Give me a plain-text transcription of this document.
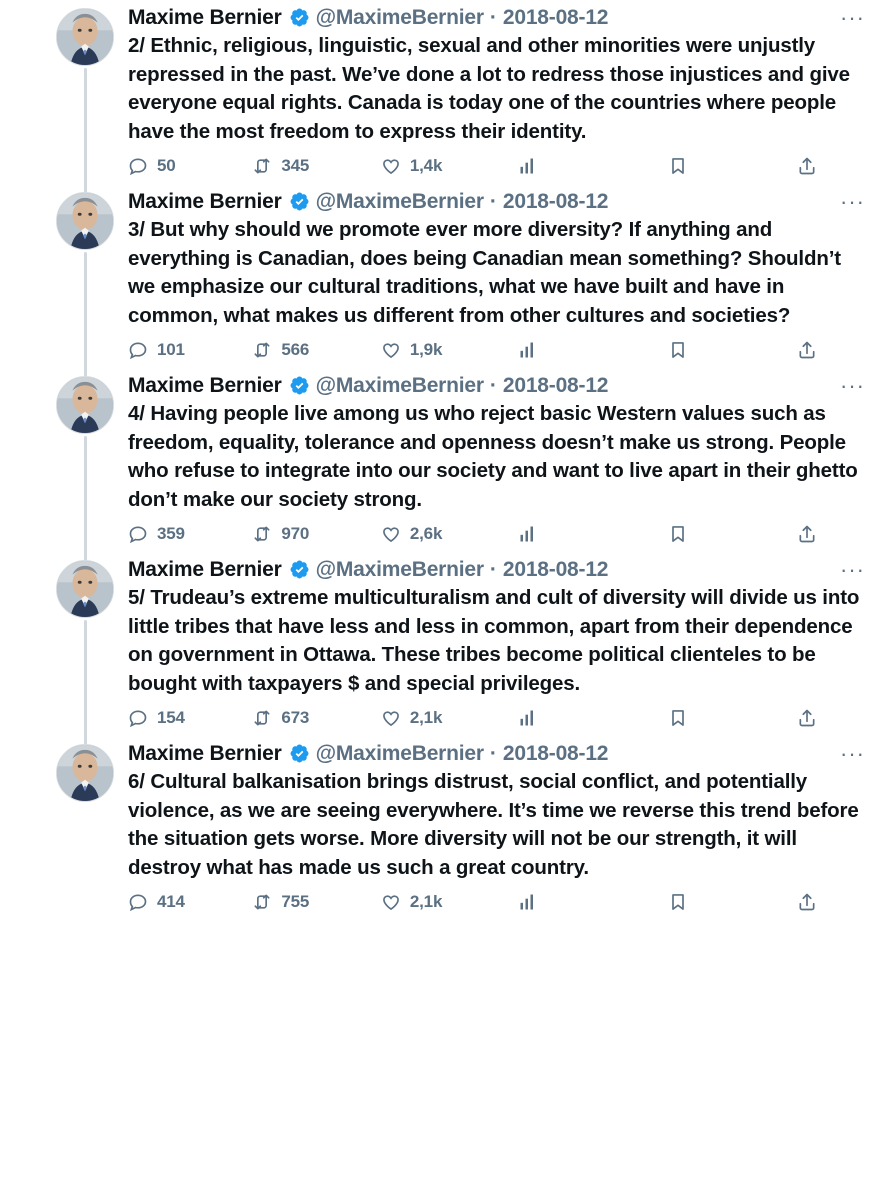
Maxime Bernier @MaximeBernier · 2018-08-12	···
2/ Ethnic, religious, linguistic, sexual and other minorities were unjustly repressed in the past. We’ve done a lot to redress those injustices and give everyone equal rights. Canada is today one of the countries where people have the most freedom to express their identity.
50	345	1,4k
Maxime Bernier @MaximeBernier · 2018-08-12	···
3/ But why should we promote ever more diversity? If anything and everything is Canadian, does being Canadian mean something? Shouldn’t we emphasize our cultural traditions, what we have built and have in common, what makes us different from other cultures and societies?
101	566	1,9k
Maxime Bernier @MaximeBernier · 2018-08-12	···
4/ Having people live among us who reject basic Western values such as freedom, equality, tolerance and openness doesn’t make us strong. People who refuse to integrate into our society and want to live apart in their ghetto don’t make our society strong.
359	970	2,6k
Maxime Bernier @MaximeBernier · 2018-08-12	···
5/ Trudeau’s extreme multiculturalism and cult of diversity will divide us into little tribes that have less and less in common, apart from their dependence on government in Ottawa. These tribes become political clienteles to be bought with taxpayers $ and special privileges.
154	673	2,1k
Maxime Bernier @MaximeBernier · 2018-08-12	···
6/ Cultural balkanisation brings distrust, social conflict, and potentially violence, as we are seeing everywhere. It’s time we reverse this trend before the situation gets worse. More diversity will not be our strength, it will destroy what has made us such a great country.
414	755	2,1k
